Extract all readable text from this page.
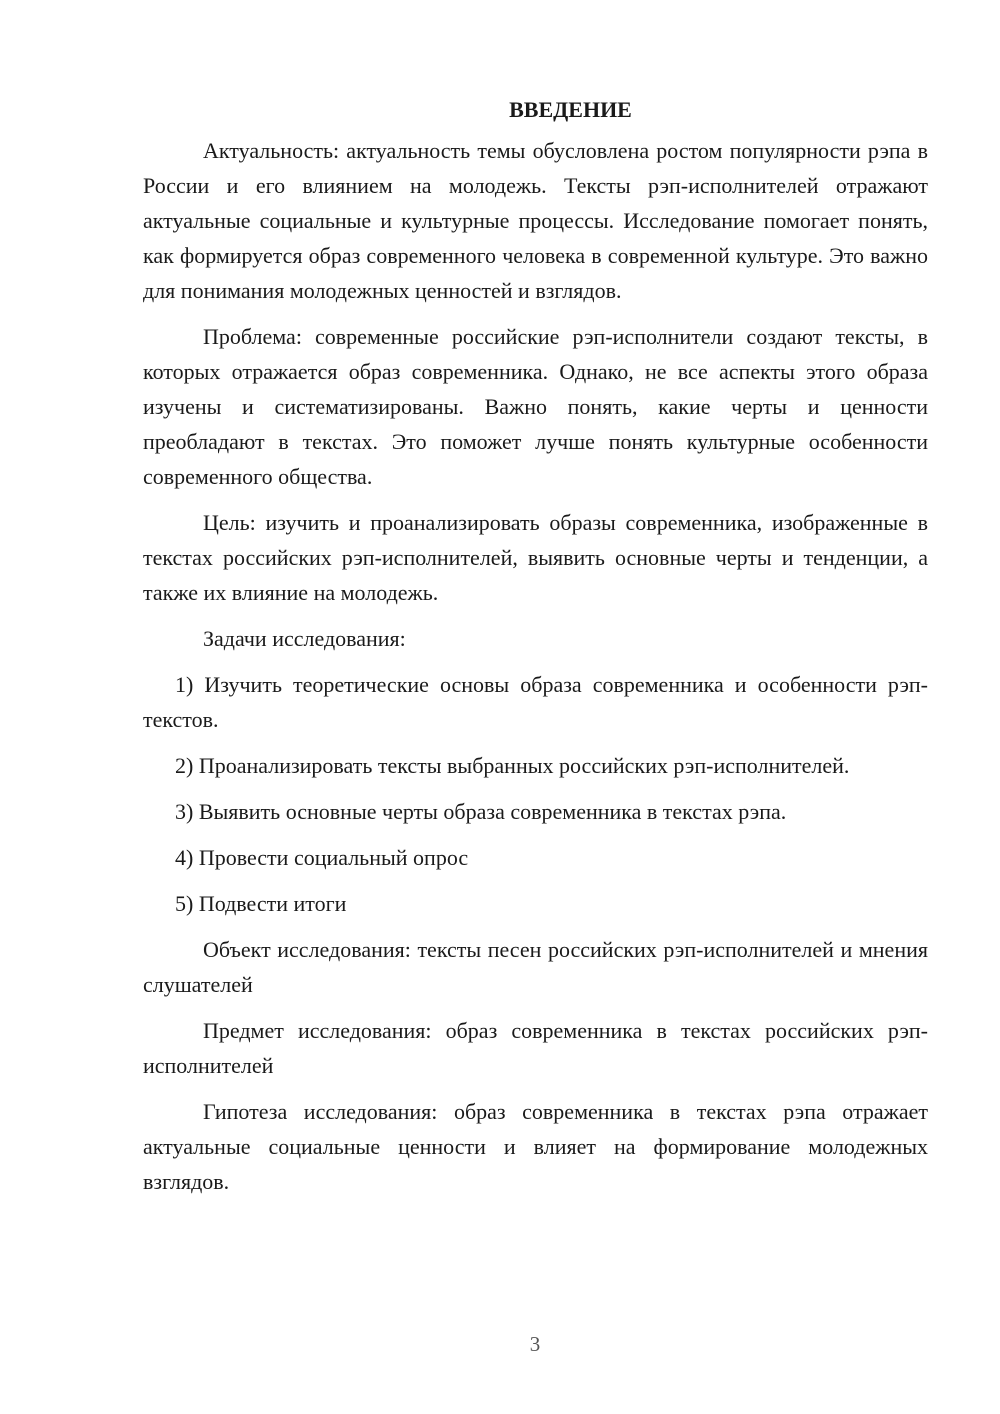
ВВЕДЕНИЕ

Актуальность: актуальность темы обусловлена ростом популярности рэпа в России и его влиянием на молодежь. Тексты рэп-исполнителей отражают актуальные социальные и культурные процессы. Исследование помогает понять, как формируется образ современного человека в современной культуре. Это важно для понимания молодежных ценностей и взглядов.

Проблема: современные российские рэп-исполнители создают тексты, в которых отражается образ современника. Однако, не все аспекты этого образа изучены и систематизированы. Важно понять, какие черты и ценности преобладают в текстах. Это поможет лучше понять культурные особенности современного общества.

Цель: изучить и проанализировать образы современника, изображенные в текстах российских рэп-исполнителей, выявить основные черты и тенденции, а также их влияние на молодежь.

Задачи исследования:

1) Изучить теоретические основы образа современника и особенности рэп-текстов.

2) Проанализировать тексты выбранных российских рэп-исполнителей.

3) Выявить основные черты образа современника в текстах рэпа.

4) Провести социальный опрос

5) Подвести итоги

Объект исследования: тексты песен российских рэп-исполнителей и мнения слушателей

Предмет исследования: образ современника в текстах российских рэп-исполнителей

Гипотеза исследования: образ современника в текстах рэпа отражает актуальные социальные ценности и влияет на формирование молодежных взглядов.

3
